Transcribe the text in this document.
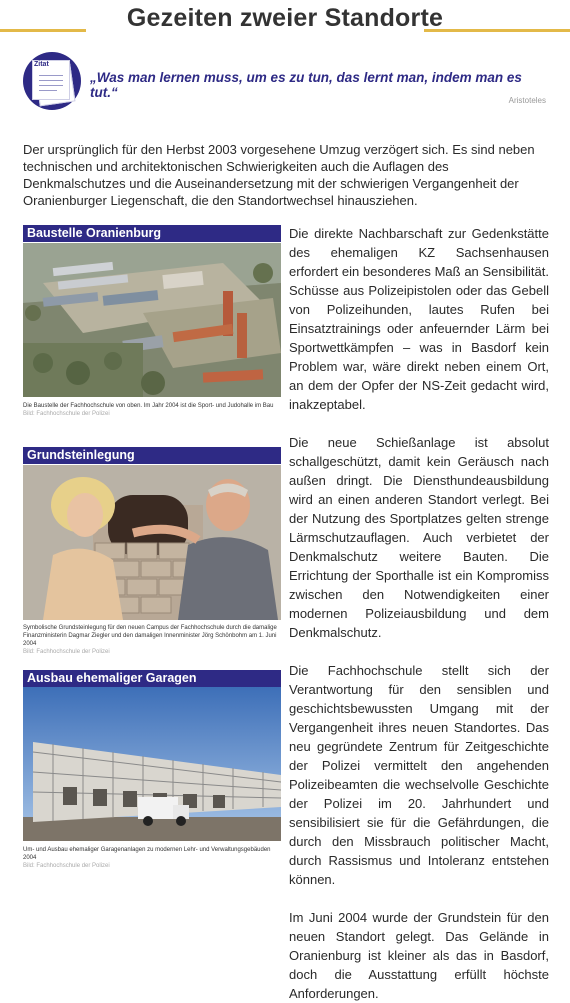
Gezeiten zweier Standorte
Zitat
„Was man lernen muss, um es zu tun, das lernt man, indem man es tut.“
Aristoteles
Der ursprünglich für den Herbst 2003 vorgesehene Umzug verzögert sich. Es sind neben technischen und architektonischen Schwierigkeiten auch die Auflagen des Denkmalschutzes und die Auseinandersetzung mit der schwierigen Vergangenheit der Oranienburger Liegenschaft, die den Standortwechsel hinausziehen.
Baustelle Oranienburg
Die Baustelle der Fachhochschule von oben. Im Jahr 2004 ist die Sport- und Judohalle im Bau
Bild: Fachhochschule der Polizei
Grundsteinlegung
Symbolische Grundsteinlegung für den neuen Campus der Fachhochschule durch die damalige Finanzministerin Dagmar Ziegler und den damaligen Innenminister Jörg Schönbohm am 1. Juni 2004
Bild: Fachhochschule der Polizei
Ausbau ehemaliger Garagen
Um- und Ausbau ehemaliger Garagenanlagen zu modernen Lehr- und Verwaltungsgebäuden 2004
Bild: Fachhochschule der Polizei

Die direkte Nachbarschaft zur Gedenkstätte des ehemaligen KZ Sachsenhausen erfordert ein besonderes Maß an Sensibilität. Schüsse aus Polizeipistolen oder das Gebell von Polizeihunden, lautes Rufen bei Einsatztrainings oder anfeuernder Lärm bei Sportwettkämpfen – was in Basdorf kein Problem war, wäre direkt neben einem Ort, an dem der Opfer der NS-Zeit gedacht wird, inakzeptabel.

Die neue Schießanlage ist absolut schallgeschützt, damit kein Geräusch nach außen dringt. Die Diensthundeausbildung wird an einen anderen Standort verlegt. Bei der Nutzung des Sportplatzes gelten strenge Lärmschutzauflagen. Auch verbietet der Denkmalschutz weitere Bauten. Die Errichtung der Sporthalle ist ein Kompromiss zwischen den Notwendigkeiten einer modernen Polizeiausbildung und dem Denkmalschutz.

Die Fachhochschule stellt sich der Verantwortung für den sensiblen und geschichtsbewussten Umgang mit der Vergangenheit ihres neuen Standortes. Das neu gegründete Zentrum für Zeitgeschichte der Polizei vermittelt den angehenden Polizeibeamten die wechselvolle Geschichte der Polizei im 20. Jahrhundert und sensibilisiert sie für die Gefährdungen, die durch den Missbrauch politischer Macht, durch Rassismus und Intoleranz entstehen können.

Im Juni 2004 wurde der Grundstein für den neuen Standort gelegt. Das Gelände in Oranienburg ist kleiner als das in Basdorf, doch die Ausstattung erfüllt höchste Anforderungen.
